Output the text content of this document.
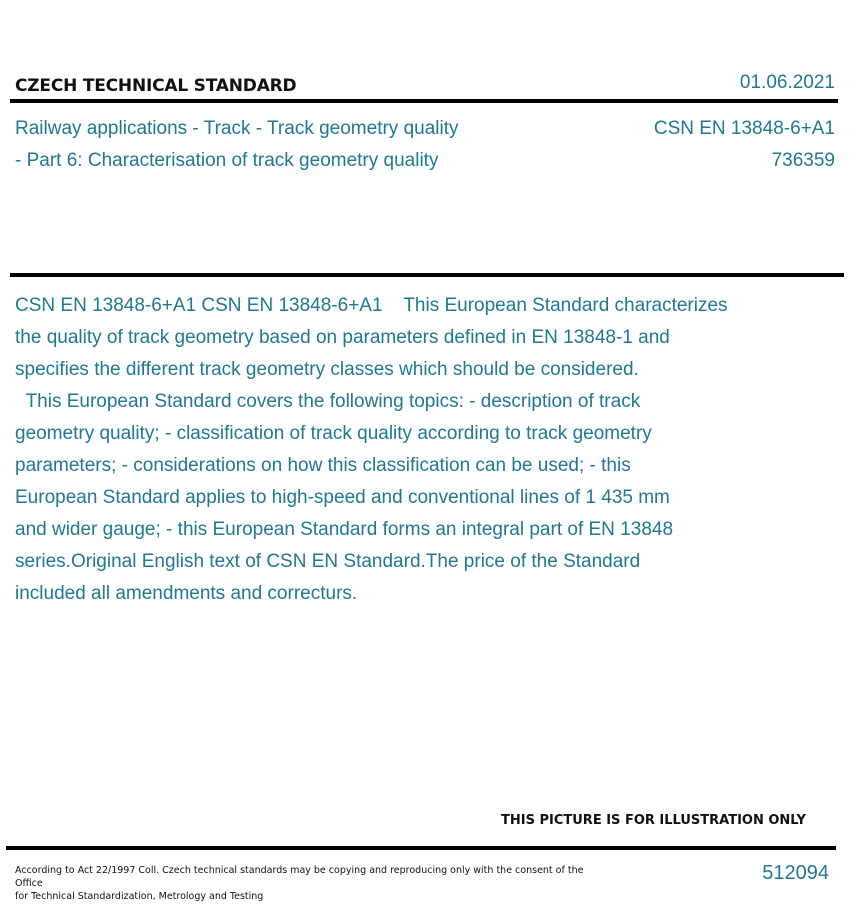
CZECH TECHNICAL STANDARD	01.06.2021
Railway applications - Track - Track geometry quality
- Part 6: Characterisation of track geometry quality
CSN EN 13848-6+A1
736359
CSN EN 13848-6+A1 CSN EN 13848-6+A1    This European Standard characterizes
the quality of track geometry based on parameters defined in EN 13848-1 and
specifies the different track geometry classes which should be considered.
This European Standard covers the following topics: - description of track
geometry quality; - classification of track quality according to track geometry
parameters; - considerations on how this classification can be used; - this
European Standard applies to high-speed and conventional lines of 1 435 mm
and wider gauge; - this European Standard forms an integral part of EN 13848
series.Original English text of CSN EN Standard.The price of the Standard
included all amendments and correcturs.
THIS PICTURE IS FOR ILLUSTRATION ONLY
According to Act 22/1997 Coll. Czech technical standards may be copying and reproducing only with the consent of the Office
for Technical Standardization, Metrology and Testing
512094
